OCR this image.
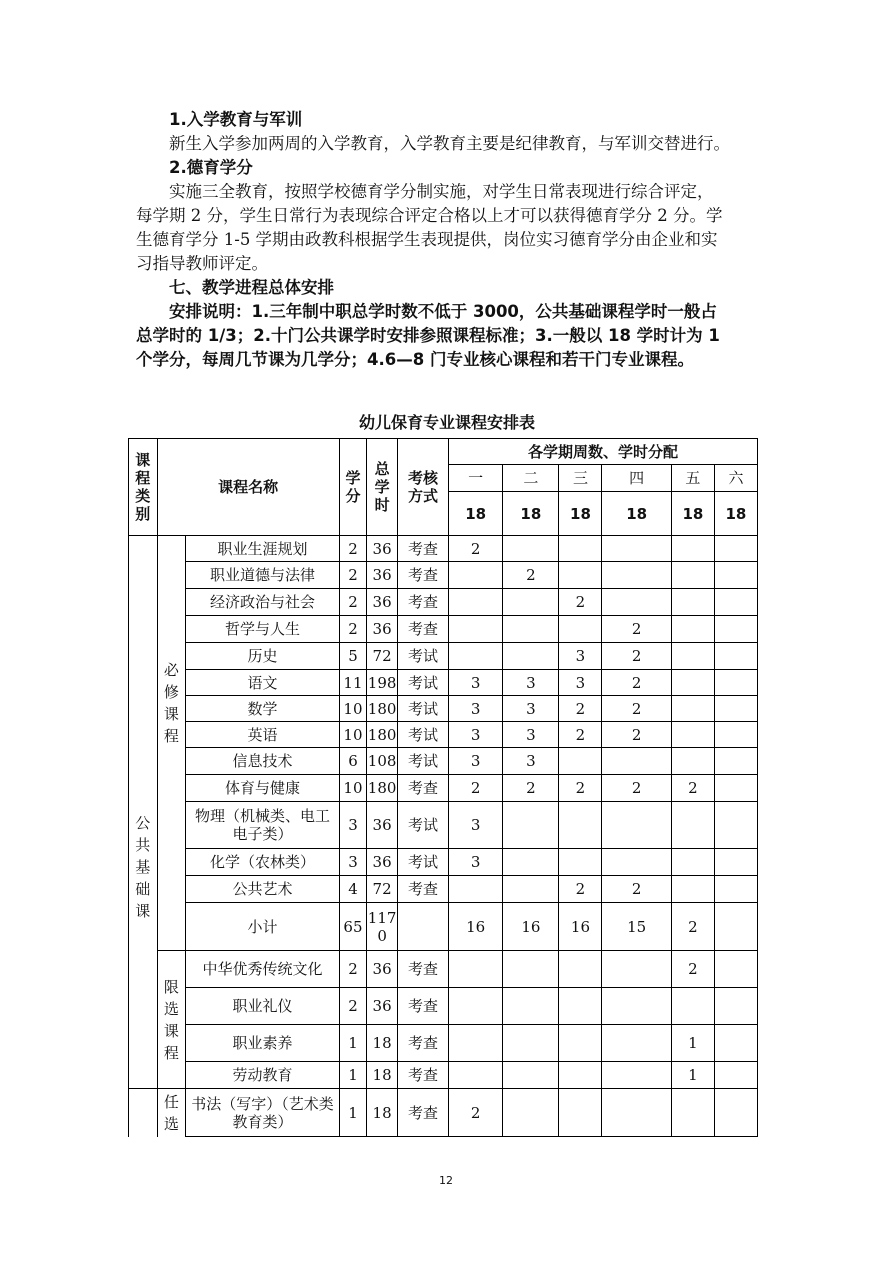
1.入学教育与军训
新生入学参加两周的入学教育，入学教育主要是纪律教育，与军训交替进行。
2.德育学分
实施三全教育，按照学校德育学分制实施，对学生日常表现进行综合评定，
每学期 2 分，学生日常行为表现综合评定合格以上才可以获得德育学分 2 分。学
生德育学分 1-5 学期由政教科根据学生表现提供，岗位实习德育学分由企业和实
习指导教师评定。
七、教学进程总体安排
安排说明：1.三年制中职总学时数不低于 3000，公共基础课程学时一般占
总学时的 1/3；2.十门公共课学时安排参照课程标准；3.一般以 18 学时计为 1
个学分，每周几节课为几学分；4.6—8 门专业核心课程和若干门专业课程。
幼儿保育专业课程安排表
课程类别	课程名称		学分	总学时	考核方式	各学期周数、学时分配					
						一	二	三	四	五	六
						18	18	18	18	18	18
公共基础课	必修课程	职业生涯规划	2	36	考查	2					
		职业道德与法律	2	36	考查		2				
		经济政治与社会	2	36	考查			2			
		哲学与人生	2	36	考查				2		
		历史	5	72	考试			3	2		
		语文	11	198	考试	3	3	3	2		
		数学	10	180	考试	3	3	2	2		
		英语	10	180	考试	3	3	2	2		
		信息技术	6	108	考试	3	3				
		体育与健康	10	180	考查	2	2	2	2	2	
		物理（机械类、电工电子类）	3	36	考试	3					
		化学（农林类）	3	36	考试	3					
		公共艺术	4	72	考查			2	2		
		小计	65	1170		16	16	16	15	2	
	限选课程	中华优秀传统文化	2	36	考查					2	
		职业礼仪	2	36	考查						
		职业素养	1	18	考查					1	
		劳动教育	1	18	考查					1	
	任选	书法（写字）（艺术类教育类）	1	18	考查	2					
12
